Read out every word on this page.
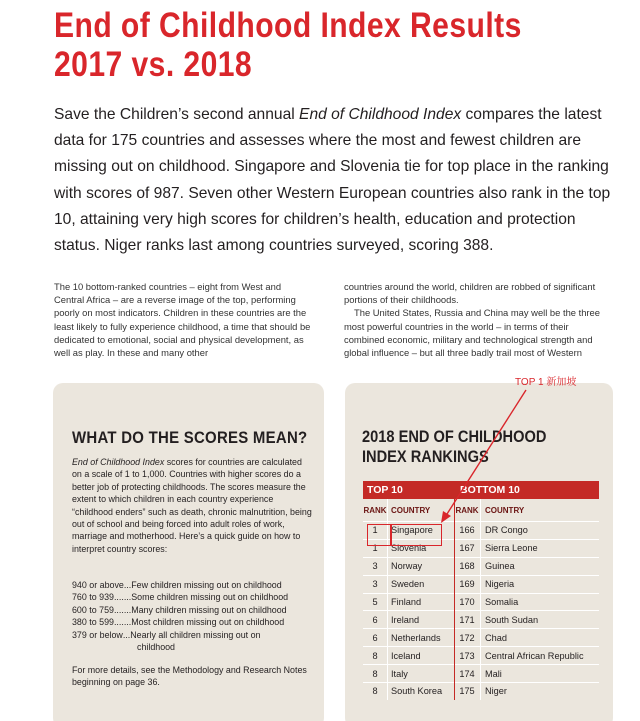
End of Childhood Index Results
2017 vs. 2018

Save the Children’s second annual End of Childhood Index compares the latest data for 175 countries and assesses where the most and fewest children are missing out on childhood. Singapore and Slovenia tie for top place in the ranking with scores of 987. Seven other Western European countries also rank in the top 10, attaining very high scores for children’s health, education and protection status. Niger ranks last among countries surveyed, scoring 388.

The 10 bottom-ranked countries – eight from West and Central Africa – are a reverse image of the top, performing poorly on most indicators. Children in these countries are the least likely to fully experience childhood, a time that should be dedicated to emotional, social and physical development, as well as play. In these and many other

countries around the world, children are robbed of significant portions of their childhoods.

The United States, Russia and China may well be the three most powerful countries in the world – in terms of their combined economic, military and technological strength and global influence – but all three badly trail most of Western

WHAT DO THE SCORES MEAN?

End of Childhood Index scores for countries are calculated on a scale of 1 to 1,000. Countries with higher scores do a better job of protecting childhoods. The scores measure the extent to which children in each country experience “childhood enders” such as death, chronic malnutrition, being out of school and being forced into adult roles of work, marriage and motherhood. Here’s a quick guide on how to interpret country scores:

940 or above ... Few children missing out on childhood
760 to 939 ....... Some children missing out on childhood
600 to 759 ....... Many children missing out on childhood
380 to 599 ....... Most children missing out on childhood
379 or below ... Nearly all children missing out on
childhood

For more details, see the Methodology and Research Notes beginning on page 36.

2018 END OF CHILDHOOD
INDEX RANKINGS
TOP 10	BOTTOM 10
RANK COUNTRY	RANK COUNTRY
1	Singapore	166	DR Congo
1	Slovenia	167	Sierra Leone
3	Norway	168	Guinea
3	Sweden	169	Nigeria
5	Finland	170	Somalia
6	Ireland	171	South Sudan
6	Netherlands	172	Chad
8	Iceland	173	Central African Republic
8	Italy	174	Mali
8	South Korea	175	Niger
TOP 1 新加坡
